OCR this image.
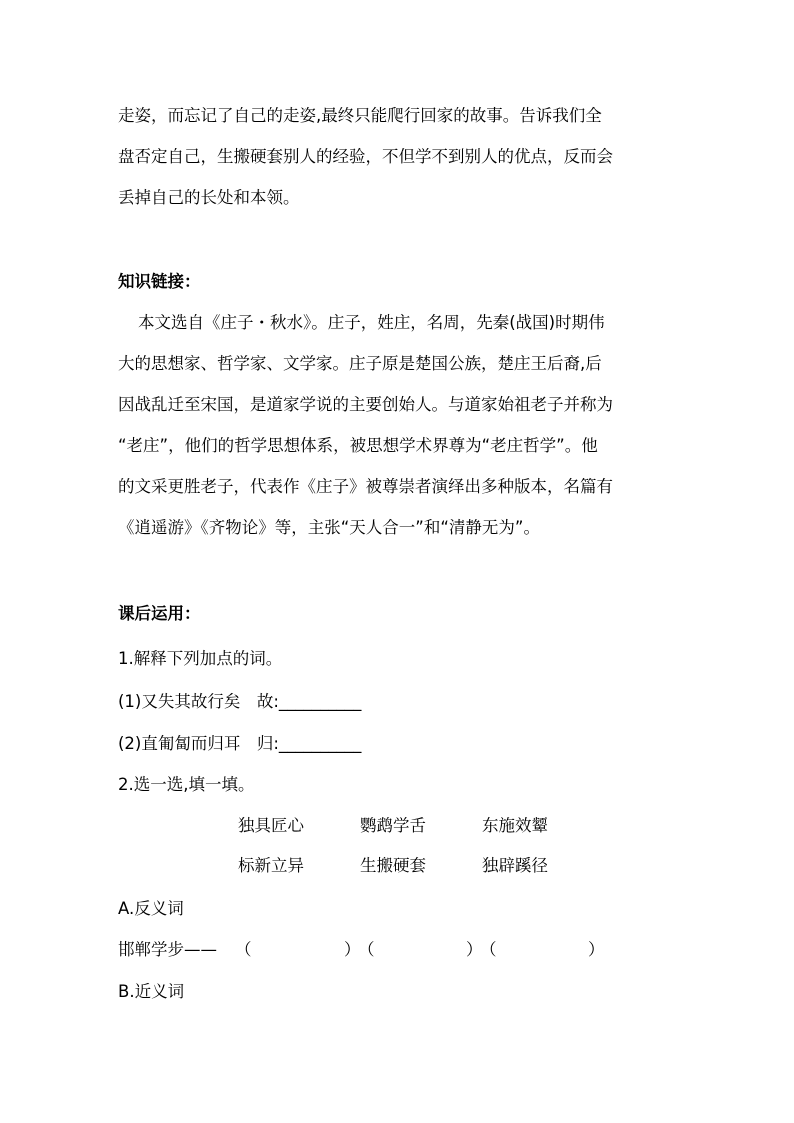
走姿，而忘记了自己的走姿,最终只能爬行回家的故事。告诉我们全
盘否定自己，生搬硬套别人的经验，不但学不到别人的优点，反而会
丢掉自己的长处和本领。
知识链接：
本文选自《庄子・秋水》。庄子，姓庄，名周，先秦(战国)时期伟
大的思想家、哲学家、文学家。庄子原是楚国公族，楚庄王后裔,后
因战乱迁至宋国，是道家学说的主要创始人。与道家始祖老子并称为
“老庄”，他们的哲学思想体系，被思想学术界尊为“老庄哲学”。他
的文采更胜老子，代表作《庄子》被尊崇者演绎出多种版本，名篇有
《逍遥游》《齐物论》等，主张“天人合一”和“清静无为”。
课后运用：
1.解释下列加点的词。
(1)又失其故行矣　故:__________
(2)直匍匐而归耳　归:__________
2.选一选,填一填。
独具匠心	鹦鹉学舌	东施效颦
标新立异	生搬硬套	独辟蹊径
A.反义词
邯郸学步—— （	）
（	）
（	）
B.近义词
